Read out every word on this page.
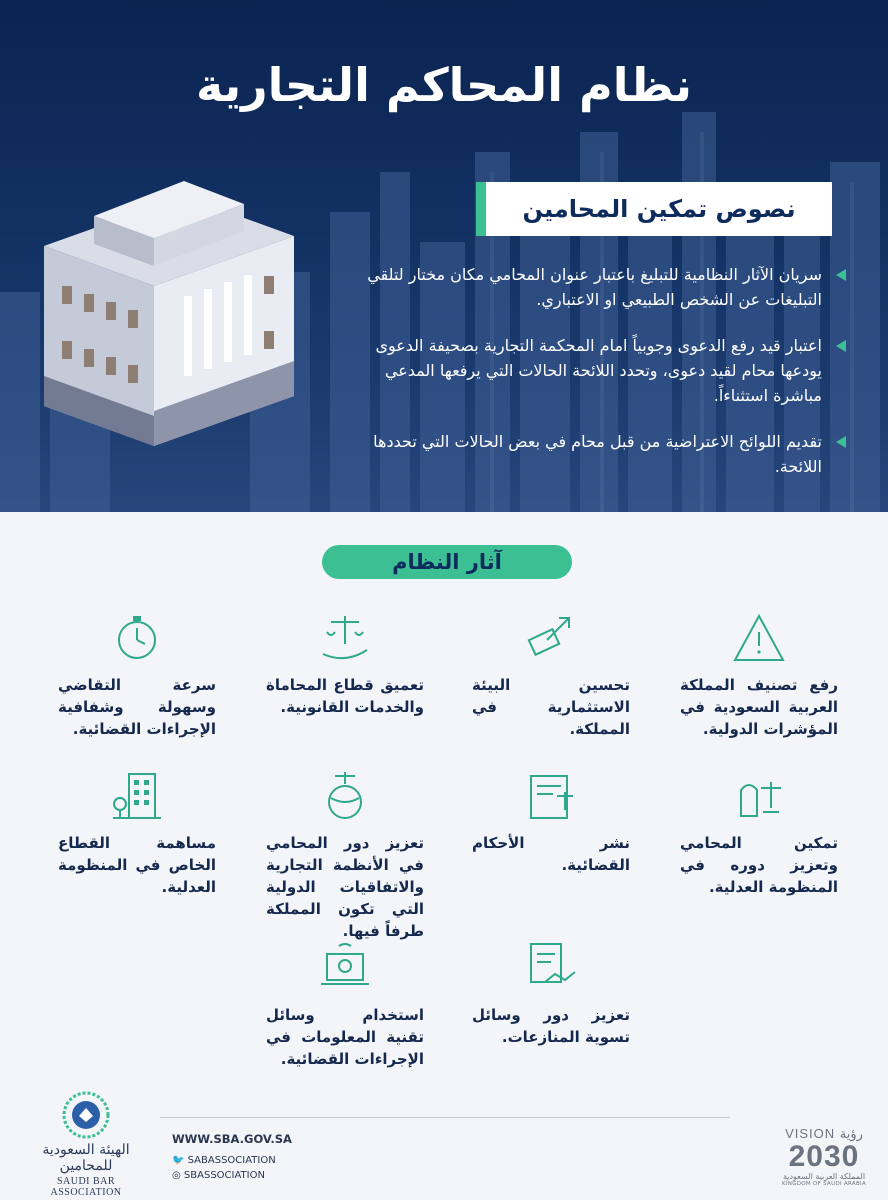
نظام المحاكم التجارية
نصوص تمكين المحامين
سريان الآثار النظامية للتبليغ باعتبار عنوان المحامي مكان مختار لتلقي التبليغات عن الشخص الطبيعي او الاعتباري.
اعتبار قيد رفع الدعوى وجوبياً امام المحكمة التجارية بصحيفة الدعوى يودعها محام لقيد دعوى، وتحدد اللائحة الحالات التي يرفعها المدعي مباشرة استثناءاً.
تقديم اللوائح الاعتراضية من قبل محام في بعض الحالات التي تحددها اللائحة.
آثار النظام

رفع تصنيف المملكة العربية السعودية في المؤشرات الدولية.

تحسين البيئة الاستثمارية في المملكة.

تعميق قطاع المحاماة والخدمات القانونية.

سرعة التقاضي وسهولة وشفافية الإجراءات القضائية.

تمكين المحامي وتعزيز دوره في المنظومة العدلية.

نشر الأحكام القضائية.

تعزيز دور المحامي في الأنظمة التجارية والاتفاقيات الدولية التي تكون المملكة طرفاً فيها.

مساهمة القطاع الخاص في المنظومة العدلية.

تعزيز دور وسائل تسوية المنازعات.

استخدام وسائل تقنية المعلومات في الإجراءات القضائية.

الهيئة السعودية للمحامين
SAUDI BAR ASSOCIATION
WWW.SBA.GOV.SA
🐦 SABASSOCIATION
◎ SBASSOCIATION
VISION رؤية
2030
المملكة العربية السعودية
KINGDOM OF SAUDI ARABIA
